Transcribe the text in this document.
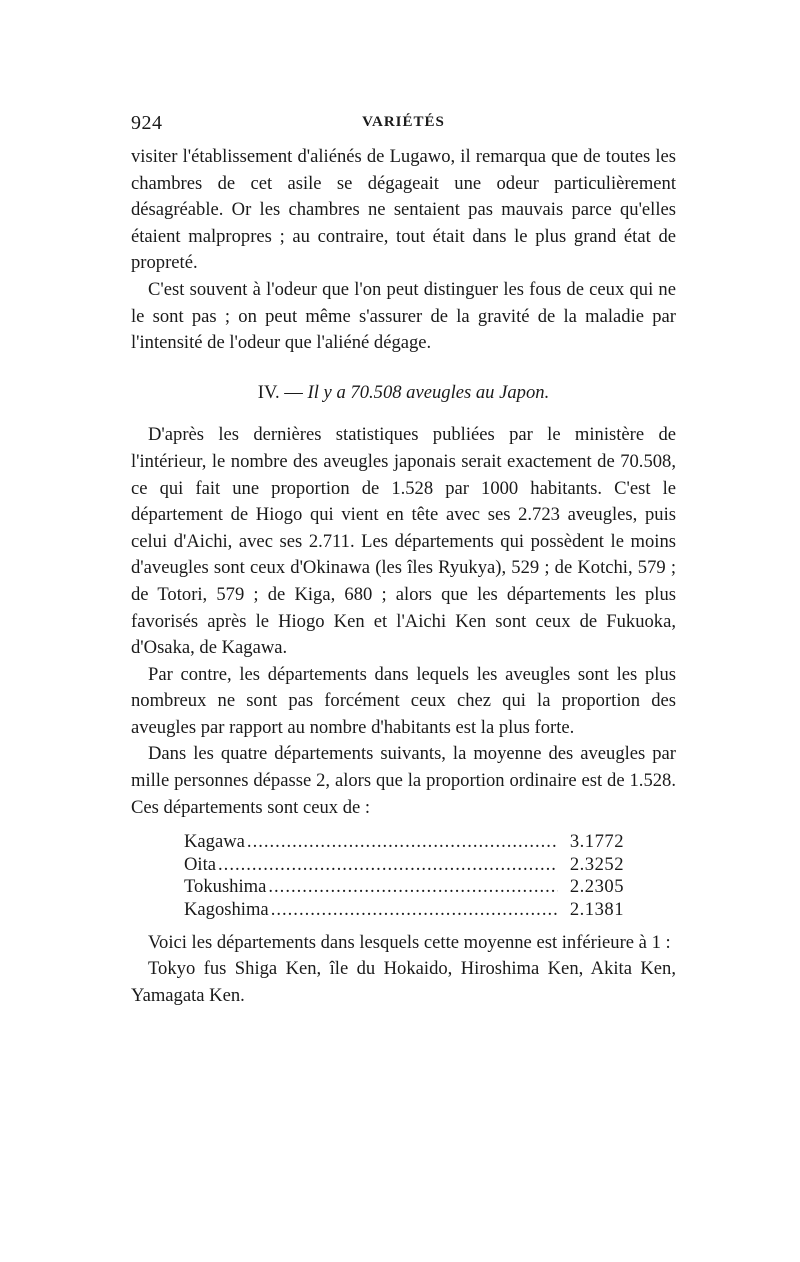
924	VARIÉTÉS

visiter l'établissement d'aliénés de Lugawo, il remarqua que de toutes les chambres de cet asile se dégageait une odeur particulièrement désagréable. Or les chambres ne sentaient pas mauvais parce qu'elles étaient malpropres ; au contraire, tout était dans le plus grand état de propreté.

C'est souvent à l'odeur que l'on peut distinguer les fous de ceux qui ne le sont pas ; on peut même s'assurer de la gravité de la maladie par l'intensité de l'odeur que l'aliéné dégage.

IV. — Il y a 70.508 aveugles au Japon.

D'après les dernières statistiques publiées par le ministère de l'intérieur, le nombre des aveugles japonais serait exactement de 70.508, ce qui fait une proportion de 1.528 par 1000 habitants. C'est le département de Hiogo qui vient en tête avec ses 2.723 aveugles, puis celui d'Aichi, avec ses 2.711. Les départements qui possèdent le moins d'aveugles sont ceux d'Okinawa (les îles Ryukya), 529 ; de Kotchi, 579 ; de Totori, 579 ; de Kiga, 680 ; alors que les départements les plus favorisés après le Hiogo Ken et l'Aichi Ken sont ceux de Fukuoka, d'Osaka, de Kagawa.

Par contre, les départements dans lequels les aveugles sont les plus nombreux ne sont pas forcément ceux chez qui la proportion des aveugles par rapport au nombre d'habitants est la plus forte.

Dans les quatre départements suivants, la moyenne des aveugles par mille personnes dépasse 2, alors que la proportion ordinaire est de 1.528. Ces départements sont ceux de :

Kagawa .....	3.1772
Oita .....	2.3252
Tokushima .....	2.2305
Kagoshima .....	2.1381

Voici les départements dans lesquels cette moyenne est inférieure à 1 :

Tokyo fus Shiga Ken, île du Hokaido, Hiroshima Ken, Akita Ken, Yamagata Ken.
